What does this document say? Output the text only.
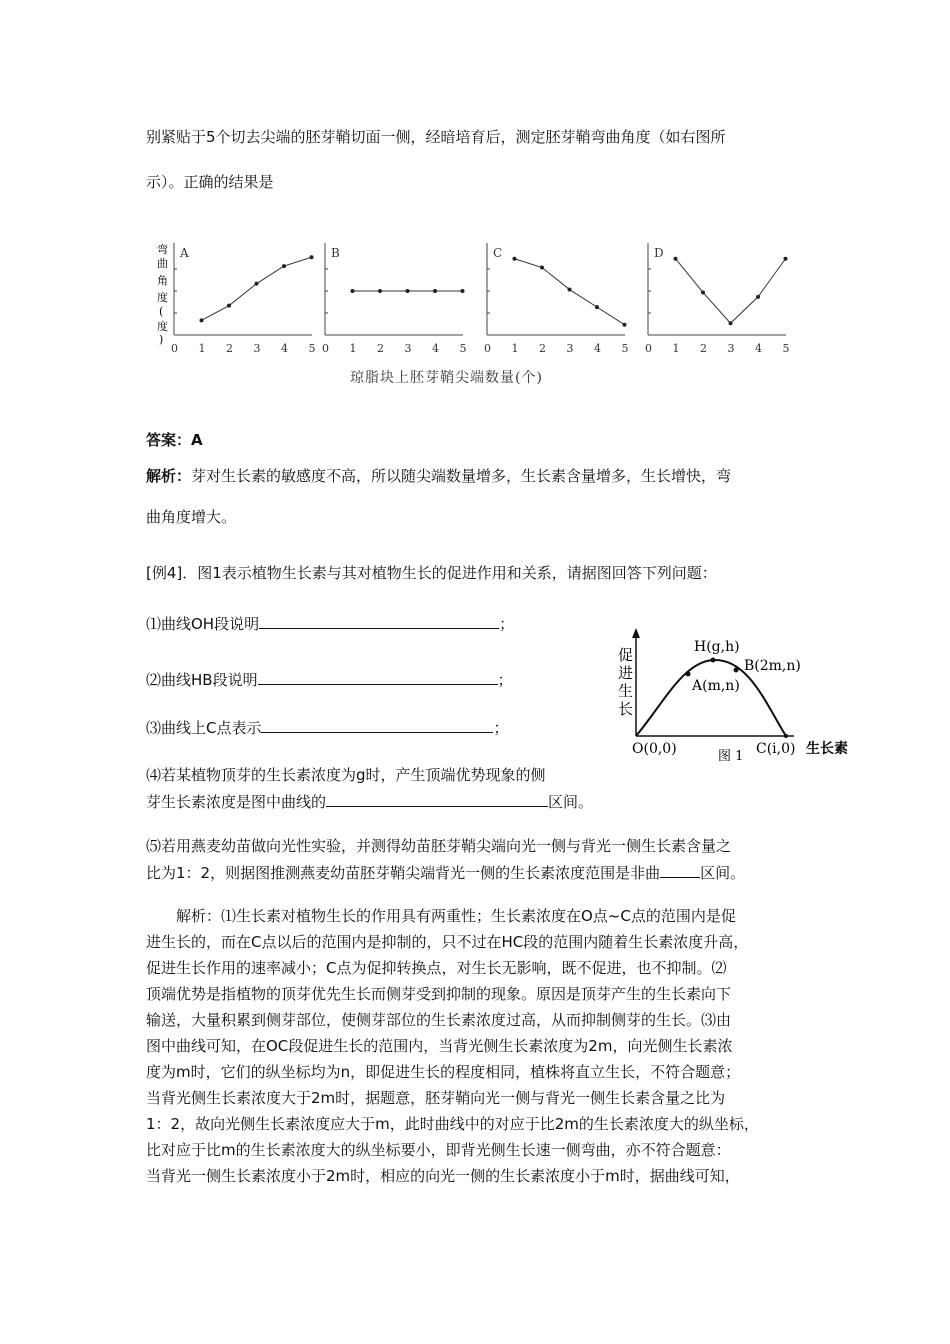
别紧贴于5个切去尖端的胚芽鞘切面一侧，经暗培育后，测定胚芽鞘弯曲角度（如右图所
示）。正确的结果是
弯
曲
角
度
(
度
)
A
0 1 2 3 4 5
B
0 1 2 3 4 5
C
0 1 2 3 4 5
D
0 1 2 3 4 5
琼脂块上胚芽鞘尖端数量(个)
答案：A
解析：芽对生长素的敏感度不高，所以随尖端数量增多，生长素含量增多，生长增快，弯
曲角度增大。
[例4]．图1表示植物生长素与其对植物生长的促进作用和关系，请据图回答下列问题：
⑴曲线OH段说明	；
⑵曲线HB段说明	；
⑶曲线上C点表示	；
⑷若某植物顶芽的生长素浓度为g时，产生顶端优势现象的侧
芽生长素浓度是图中曲线的	区间。
⑸若用燕麦幼苗做向光性实验，并测得幼苗胚芽鞘尖端向光一侧与背光一侧生长素含量之
比为1：2，则据图推测燕麦幼苗胚芽鞘尖端背光一侧的生长素浓度范围是非曲	区间。
促
进
生
长
H(g,h)
B(2m,n)
A(m,n)
O(0,0)	C(i,0) 生长素
图 1
解析：⑴生长素对植物生长的作用具有两重性；生长素浓度在O点~C点的范围内是促
进生长的，而在C点以后的范围内是抑制的，只不过在HC段的范围内随着生长素浓度升高，
促进生长作用的速率减小；C点为促抑转换点，对生长无影响，既不促进，也不抑制。⑵
顶端优势是指植物的顶芽优先生长而侧芽受到抑制的现象。原因是顶芽产生的生长素向下
输送，大量积累到侧芽部位，使侧芽部位的生长素浓度过高，从而抑制侧芽的生长。⑶由
图中曲线可知，在OC段促进生长的范围内，当背光侧生长素浓度为2m，向光侧生长素浓
度为m时，它们的纵坐标均为n，即促进生长的程度相同，植株将直立生长，不符合题意；
当背光侧生长素浓度大于2m时，据题意，胚芽鞘向光一侧与背光一侧生长素含量之比为
1：2，故向光侧生长素浓度应大于m，此时曲线中的对应于比2m的生长素浓度大的纵坐标，
比对应于比m的生长素浓度大的纵坐标要小，即背光侧生长速一侧弯曲，亦不符合题意：
当背光一侧生长素浓度小于2m时，相应的向光一侧的生长素浓度小于m时，据曲线可知，
